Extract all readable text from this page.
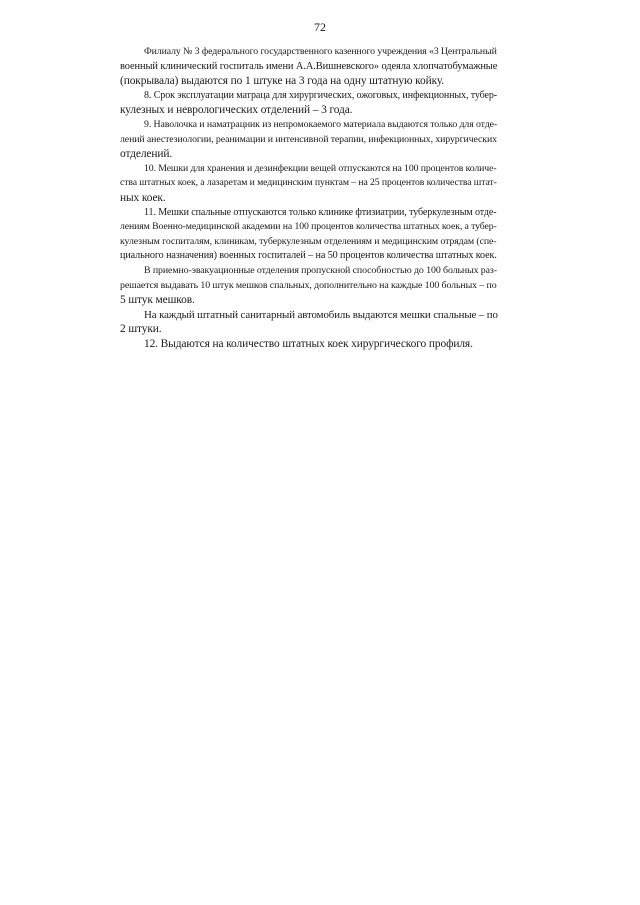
72
Филиалу № 3 федерального государственного казенного учреждения «3 Центральный
военный клинический госпиталь имени А.А.Вишневского» одеяла хлопчатобумажные
(покрывала) выдаются по 1 штуке на 3 года на одну штатную койку.
8. Срок эксплуатации матраца для хирургических, ожоговых, инфекционных, тубер-
кулезных и неврологических отделений – 3 года.
9. Наволочка и наматрацник из непромокаемого материала выдаются только для отде-
лений анестезиологии, реанимации и интенсивной терапии, инфекционных, хирургических
отделений.
10. Мешки для хранения и дезинфекции вещей отпускаются на 100 процентов количе-
ства штатных коек, а лазаретам и медицинским пунктам – на 25 процентов количества штат-
ных коек.
11. Мешки спальные отпускаются только клинике фтизиатрии, туберкулезным отде-
лениям Военно-медицинской академии на 100 процентов количества штатных коек, а тубер-
кулезным госпиталям, клиникам, туберкулезным отделениям и медицинским отрядам (спе-
циального назначения) военных госпиталей – на 50 процентов количества штатных коек.
В приемно-эвакуационные отделения пропускной способностью до 100 больных раз-
решается выдавать 10 штук мешков спальных, дополнительно на каждые 100 больных – по
5 штук мешков.
На каждый штатный санитарный автомобиль выдаются мешки спальные – по
2 штуки.
12. Выдаются на количество штатных коек хирургического профиля.
